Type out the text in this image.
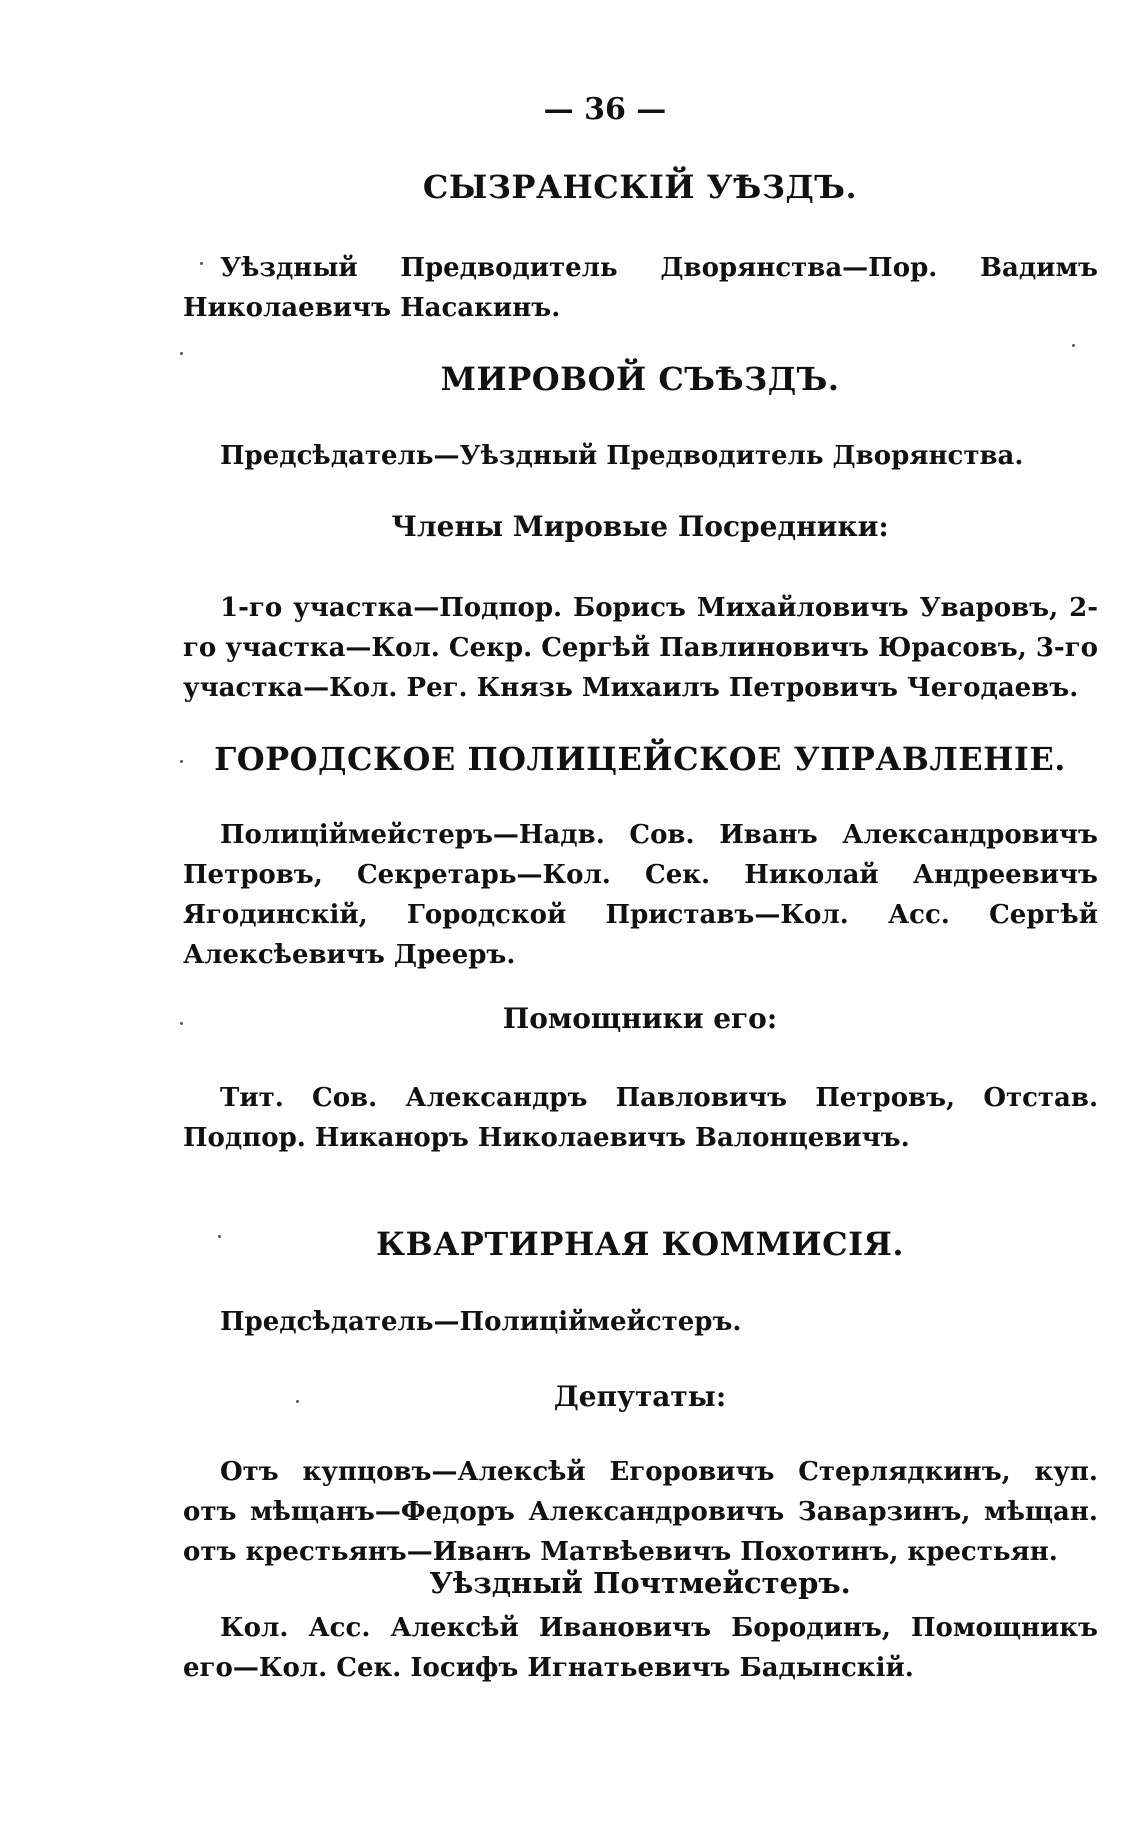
— 36 —
СЫЗРАНСКІЙ УѢЗДЪ.
Уѣздный Предводитель Дворянства—Пор. Вадимъ Николаевичъ Насакинъ.
МИРОВОЙ СЪѢЗДЪ.
Предсѣдатель—Уѣздный Предводитель Дворянства.
Члены Мировые Посредники:
1-го участка—Подпор. Борисъ Михайловичъ Уваровъ, 2-го участка—Кол. Секр. Сергѣй Павлиновичъ Юрасовъ, 3-го участка—Кол. Рег. Князь Михаилъ Петровичъ Чегодаевъ.
ГОРОДСКОЕ ПОЛИЦЕЙСКОЕ УПРАВЛЕНІЕ.
Полиціймейстеръ—Надв. Сов. Иванъ Александровичъ Петровъ, Секретарь—Кол. Сек. Николай Андреевичъ Ягодинскій, Городской Приставъ—Кол. Асс. Сергѣй Алексѣевичъ Дрееръ.
Помощники его:
Тит. Сов. Александръ Павловичъ Петровъ, Отстав. Подпор. Никаноръ Николаевичъ Валонцевичъ.
КВАРТИРНАЯ КОММИСІЯ.
Предсѣдатель—Полиціймейстеръ.
Депутаты:
Отъ купцовъ—Алексѣй Егоровичъ Стерлядкинъ, куп. отъ мѣщанъ—Федоръ Александровичъ Заварзинъ, мѣщан. отъ крестьянъ—Иванъ Матвѣевичъ Похотинъ, крестьян.
Уѣздный Почтмейстеръ.
Кол. Асс. Алексѣй Ивановичъ Бородинъ, Помощникъ его—Кол. Сек. Іосифъ Игнатьевичъ Бадынскій.
